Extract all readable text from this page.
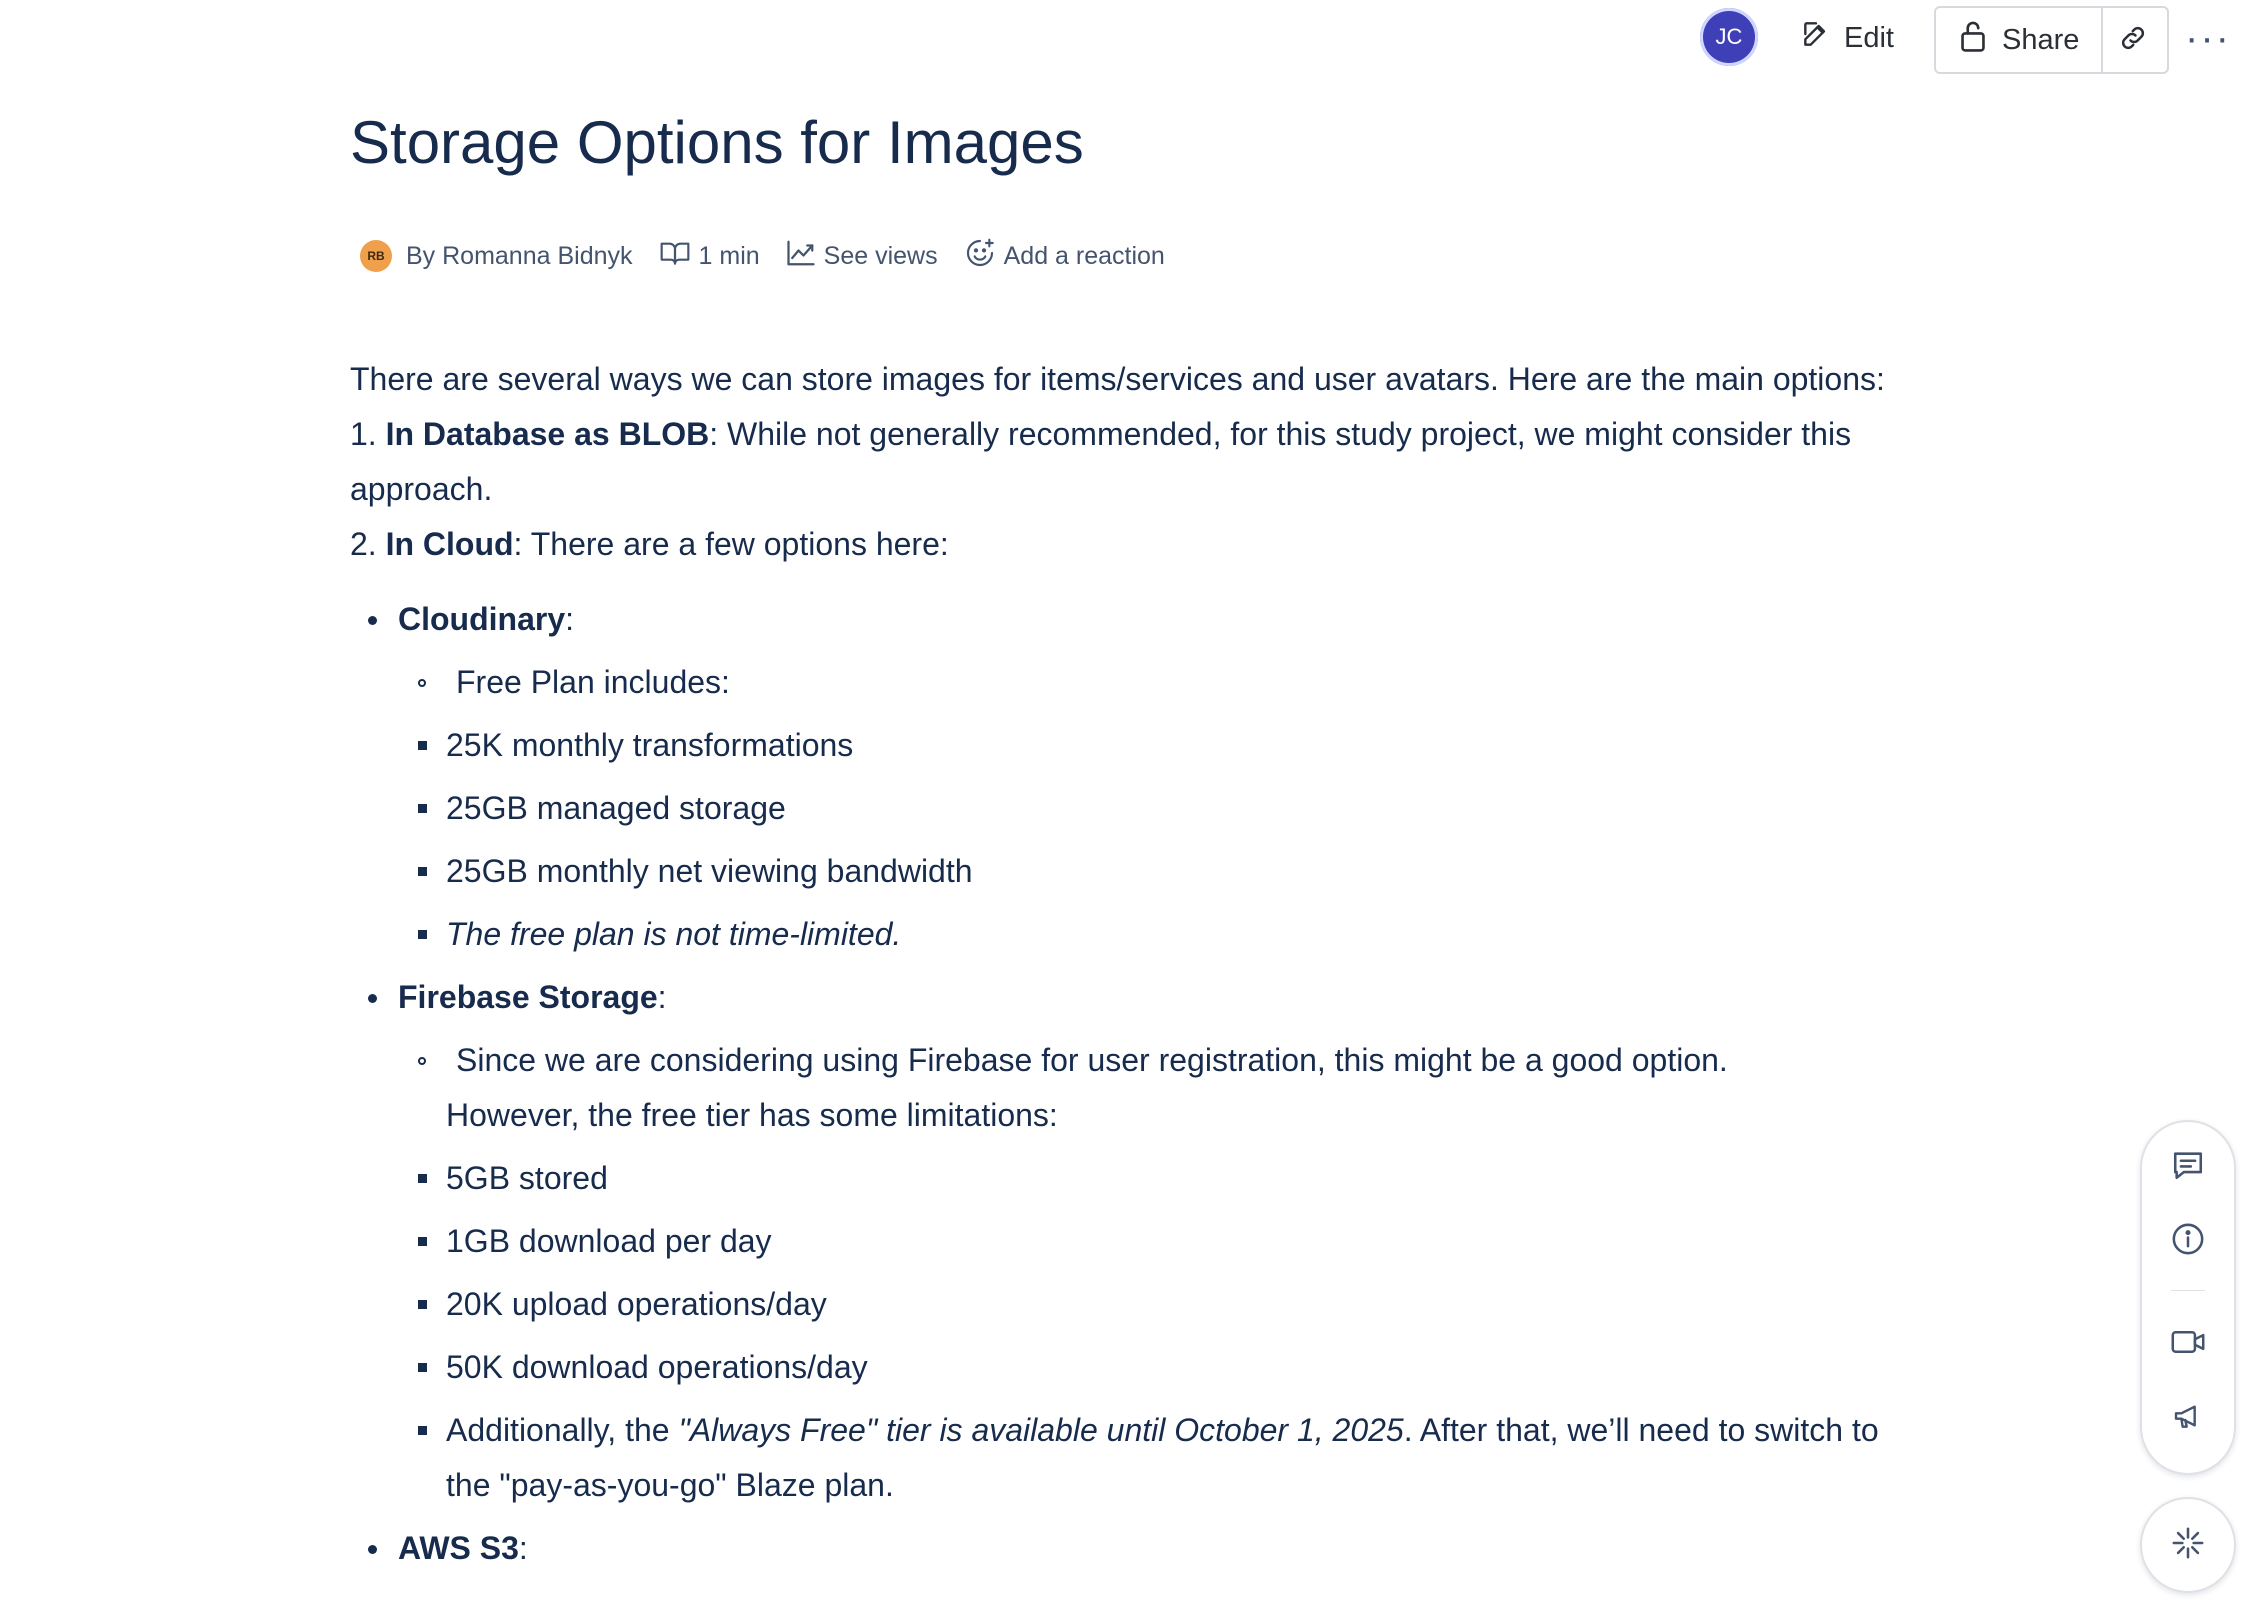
JC	Edit	Share	···
Storage Options for Images
RB By Romanna Bidnyk	1 min	See views	Add a reaction

There are several ways we can store images for items/services and user avatars. Here are the main options:

1. In Database as BLOB: While not generally recommended, for this study project, we might consider this approach.

2. In Cloud: There are a few options here:

Cloudinary:
Free Plan includes:
25K monthly transformations
25GB managed storage
25GB monthly net viewing bandwidth
The free plan is not time-limited.
Firebase Storage:
Since we are considering using Firebase for user registration, this might be a good option.
However, the free tier has some limitations:
5GB stored
1GB download per day
20K upload operations/day
50K download operations/day
Additionally, the "Always Free" tier is available until October 1, 2025. After that, we’ll need to switch to the "pay-as-you-go" Blaze plan.
AWS S3:
